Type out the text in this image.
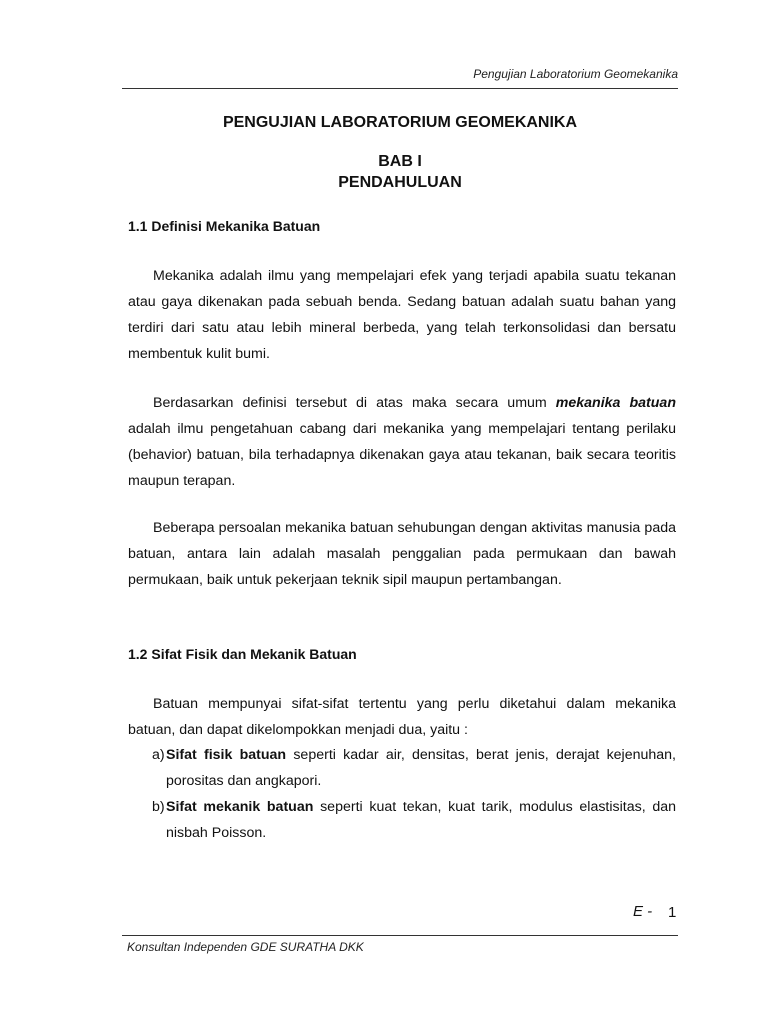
Pengujian Laboratorium Geomekanika
PENGUJIAN LABORATORIUM GEOMEKANIKA
BAB I
PENDAHULUAN
1.1 Definisi Mekanika Batuan
Mekanika adalah ilmu yang mempelajari efek yang terjadi apabila suatu tekanan atau gaya dikenakan pada sebuah benda. Sedang batuan adalah suatu bahan yang terdiri dari satu atau lebih mineral berbeda, yang telah terkonsolidasi dan bersatu membentuk kulit bumi.
Berdasarkan definisi tersebut di atas maka secara umum mekanika batuan adalah ilmu pengetahuan cabang dari mekanika yang mempelajari tentang perilaku (behavior) batuan, bila terhadapnya dikenakan gaya atau tekanan, baik secara teoritis maupun terapan.
Beberapa persoalan mekanika batuan sehubungan dengan aktivitas manusia pada batuan, antara lain adalah masalah penggalian pada permukaan dan bawah permukaan, baik untuk pekerjaan teknik sipil maupun pertambangan.
1.2 Sifat Fisik dan Mekanik Batuan
Batuan mempunyai sifat-sifat tertentu yang perlu diketahui dalam mekanika batuan, dan dapat dikelompokkan menjadi dua, yaitu :
a) Sifat fisik batuan seperti kadar air, densitas, berat jenis, derajat kejenuhan, porositas dan angkapori.
b) Sifat mekanik batuan seperti kuat tekan, kuat tarik, modulus elastisitas, dan nisbah Poisson.
E - 1
Konsultan Independen GDE SURATHA DKK
